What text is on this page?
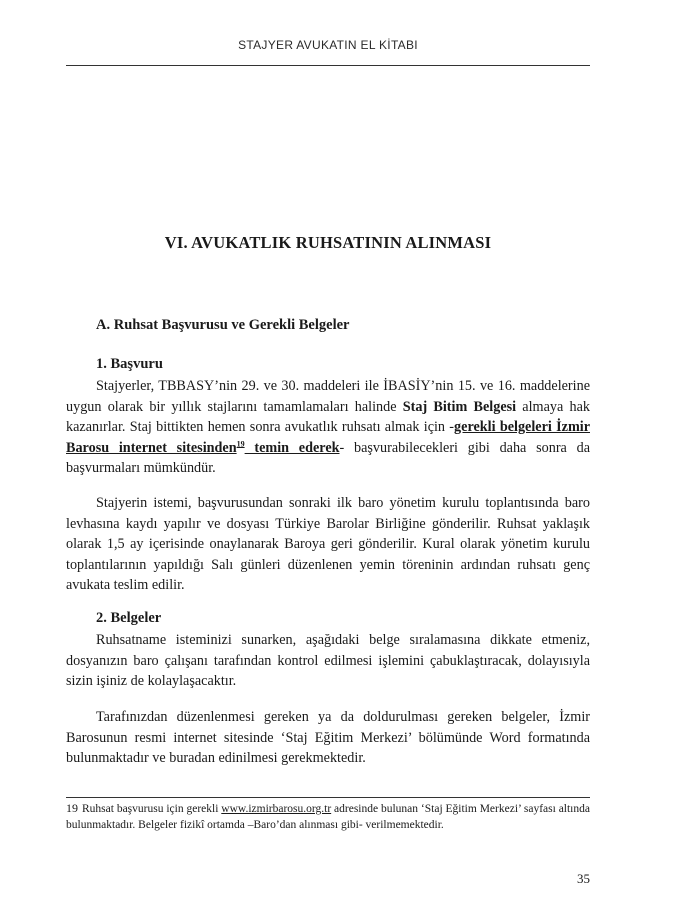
STAJYER AVUKATIN EL KİTABI
VI. AVUKATLIK RUHSATININ ALINMASI
A. Ruhsat Başvurusu ve Gerekli Belgeler
1. Başvuru

Stajyerler, TBBASY’nin 29. ve 30. maddeleri ile İBASİY’nin 15. ve 16. maddelerine uygun olarak bir yıllık stajlarını tamamlamaları halinde Staj Bitim Belgesi almaya hak kazanırlar. Staj bittikten hemen sonra avukatlık ruhsatı almak için -gerekli belgeleri İzmir Barosu internet sitesinden$^{19}$ temin ederek- başvurabilecekleri gibi daha sonra da başvurmaları mümkündür.

Stajyerin istemi, başvurusundan sonraki ilk baro yönetim kurulu toplantısında baro levhasına kaydı yapılır ve dosyası Türkiye Barolar Birliğine gönderilir. Ruhsat yaklaşık olarak 1,5 ay içerisinde onaylanarak Baroya geri gönderilir. Kural olarak yönetim kurulu toplantılarının yapıldığı Salı günleri düzenlenen yemin töreninin ardından ruhsatı genç avukata teslim edilir.

2. Belgeler

Ruhsatname isteminizi sunarken, aşağıdaki belge sıralamasına dikkate etmeniz, dosyanızın baro çalışanı tarafından kontrol edilmesi işlemini çabuklaştıracak, dolayısıyla sizin işiniz de kolaylaşacaktır.

Tarafınızdan düzenlenmesi gereken ya da doldurulması gereken belgeler, İzmir Barosunun resmi internet sitesinde ‘Staj Eğitim Merkezi’ bölümünde Word formatında bulunmaktadır ve buradan edinilmesi gerekmektedir.

19 Ruhsat başvurusu için gerekli www.izmirbarosu.org.tr adresinde bulunan ‘Staj Eğitim Merkezi’ sayfası altında bulunmaktadır. Belgeler fizikî ortamda –Baro’dan alınması gibi- verilmemektedir.

35
